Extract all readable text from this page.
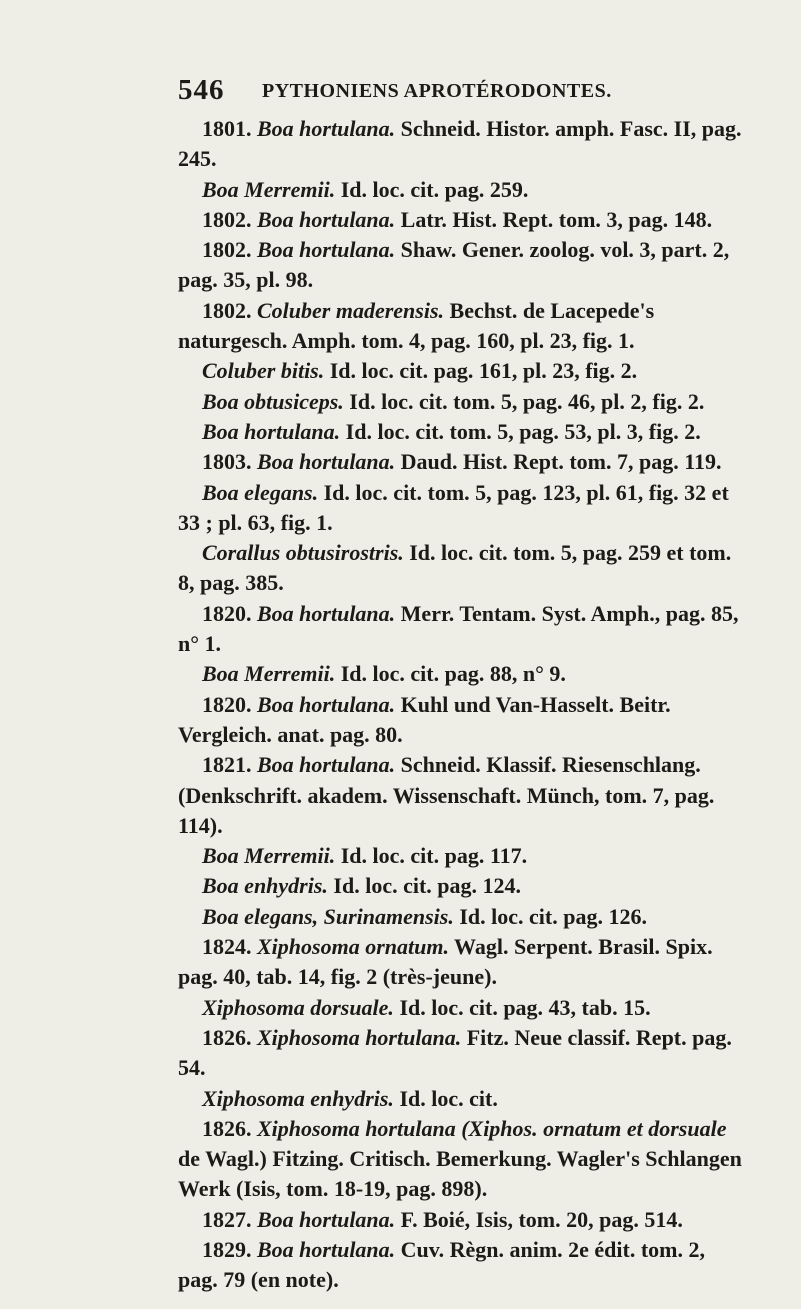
546 PYTHONIENS APROTÉRODONTES.

1801. Boa hortulana. Schneid. Histor. amph. Fasc. II, pag. 245.

Boa Merremii. Id. loc. cit. pag. 259.

1802. Boa hortulana. Latr. Hist. Rept. tom. 3, pag. 148.

1802. Boa hortulana. Shaw. Gener. zoolog. vol. 3, part. 2, pag. 35, pl. 98.

1802. Coluber maderensis. Bechst. de Lacepede's naturgesch. Amph. tom. 4, pag. 160, pl. 23, fig. 1.

Coluber bitis. Id. loc. cit. pag. 161, pl. 23, fig. 2.

Boa obtusiceps. Id. loc. cit. tom. 5, pag. 46, pl. 2, fig. 2.

Boa hortulana. Id. loc. cit. tom. 5, pag. 53, pl. 3, fig. 2.

1803. Boa hortulana. Daud. Hist. Rept. tom. 7, pag. 119.

Boa elegans. Id. loc. cit. tom. 5, pag. 123, pl. 61, fig. 32 et 33 ; pl. 63, fig. 1.

Corallus obtusirostris. Id. loc. cit. tom. 5, pag. 259 et tom. 8, pag. 385.

1820. Boa hortulana. Merr. Tentam. Syst. Amph., pag. 85, n° 1.

Boa Merremii. Id. loc. cit. pag. 88, n° 9.

1820. Boa hortulana. Kuhl und Van-Hasselt. Beitr. Vergleich. anat. pag. 80.

1821. Boa hortulana. Schneid. Klassif. Riesenschlang. (Denkschrift. akadem. Wissenschaft. Münch, tom. 7, pag. 114).

Boa Merremii. Id. loc. cit. pag. 117.

Boa enhydris. Id. loc. cit. pag. 124.

Boa elegans, Surinamensis. Id. loc. cit. pag. 126.

1824. Xiphosoma ornatum. Wagl. Serpent. Brasil. Spix. pag. 40, tab. 14, fig. 2 (très-jeune).

Xiphosoma dorsuale. Id. loc. cit. pag. 43, tab. 15.

1826. Xiphosoma hortulana. Fitz. Neue classif. Rept. pag. 54.

Xiphosoma enhydris. Id. loc. cit.

1826. Xiphosoma hortulana (Xiphos. ornatum et dorsuale de Wagl.) Fitzing. Critisch. Bemerkung. Wagler's Schlangen Werk (Isis, tom. 18-19, pag. 898).

1827. Boa hortulana. F. Boié, Isis, tom. 20, pag. 514.

1829. Boa hortulana. Cuv. Règn. anim. 2e édit. tom. 2, pag. 79 (en note).
